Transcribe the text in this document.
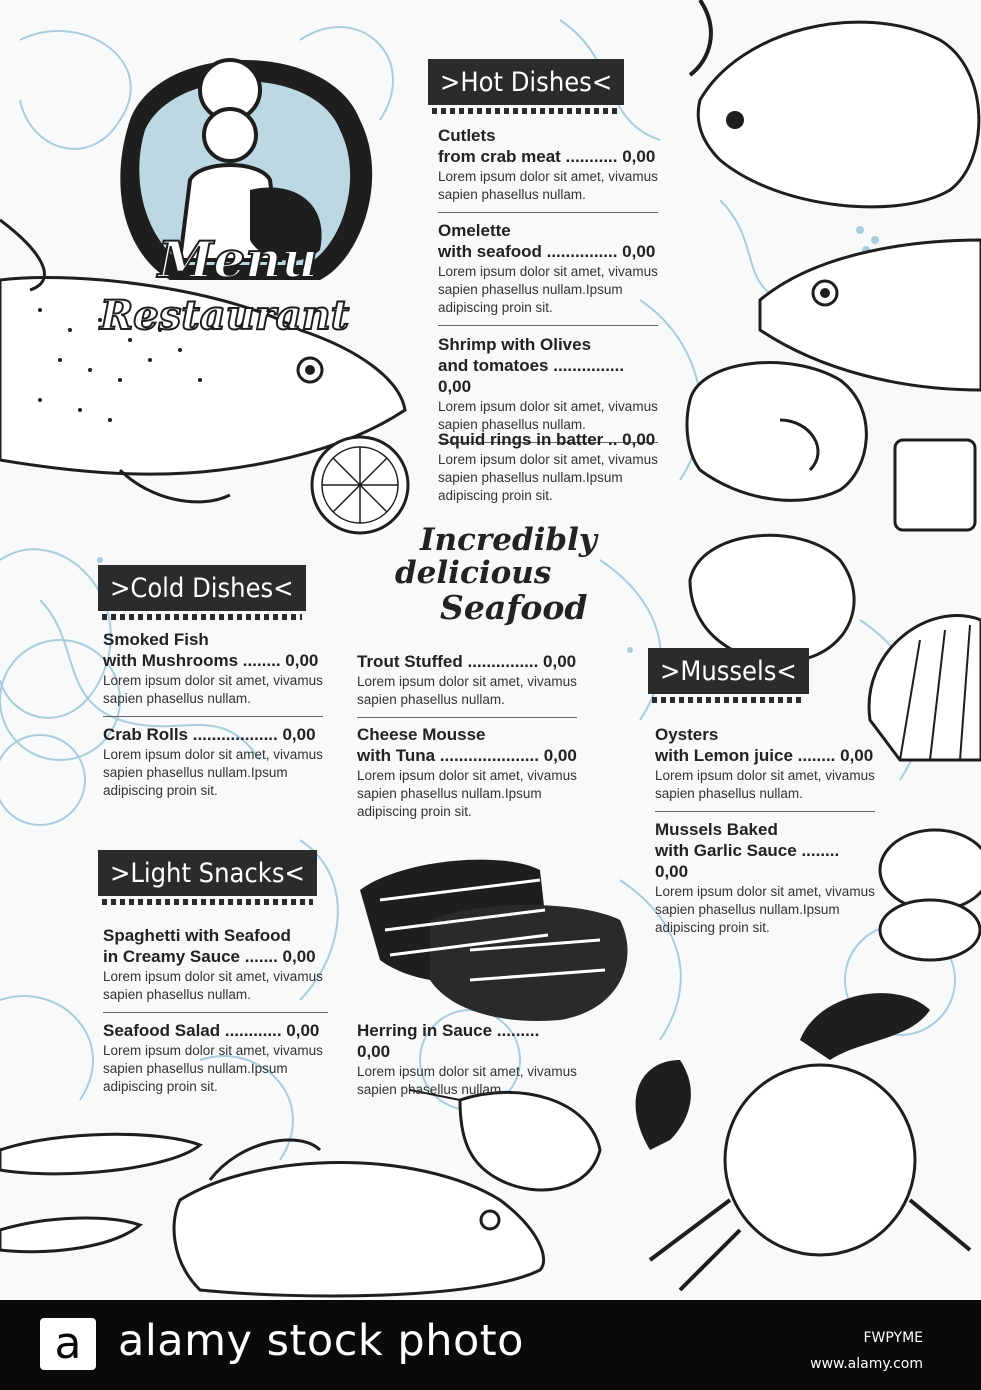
Menu
Restaurant
Incredibly
delicious
Seafood
>Hot Dishes<
Cutlets
from crab meat ........... 0,00
Lorem ipsum dolor sit amet, vivamus sapien phasellus nullam.
Omelette
with seafood ............... 0,00
Lorem ipsum dolor sit amet, vivamus sapien phasellus nullam.Ipsum adipiscing proin sit.
Shrimp with Olives
and tomatoes ............... 0,00
Lorem ipsum dolor sit amet, vivamus sapien phasellus nullam.
Squid rings in batter .. 0,00
Lorem ipsum dolor sit amet, vivamus sapien phasellus nullam.Ipsum adipiscing proin sit.
>Cold Dishes<
Smoked Fish
with Mushrooms ........ 0,00
Lorem ipsum dolor sit amet, vivamus sapien phasellus nullam.
Crab Rolls .................. 0,00
Lorem ipsum dolor sit amet, vivamus sapien phasellus nullam.Ipsum adipiscing proin sit.
Trout Stuffed ............... 0,00
Lorem ipsum dolor sit amet, vivamus sapien phasellus nullam.
Cheese Mousse
with Tuna ..................... 0,00
Lorem ipsum dolor sit amet, vivamus sapien phasellus nullam.Ipsum adipiscing proin sit.
Herring in Sauce ......... 0,00
Lorem ipsum dolor sit amet, vivamus sapien phasellus nullam.
>Light Snacks<
Spaghetti with Seafood
in Creamy Sauce ....... 0,00
Lorem ipsum dolor sit amet, vivamus sapien phasellus nullam.
Seafood Salad ............ 0,00
Lorem ipsum dolor sit amet, vivamus sapien phasellus nullam.Ipsum adipiscing proin sit.
>Mussels<
Oysters
with Lemon juice ........ 0,00
Lorem ipsum dolor sit amet, vivamus sapien phasellus nullam.
Mussels Baked
with Garlic Sauce ........ 0,00
Lorem ipsum dolor sit amet, vivamus sapien phasellus nullam.Ipsum adipiscing proin sit.
a alamy stock photo	FWPYME
www.alamy.com
